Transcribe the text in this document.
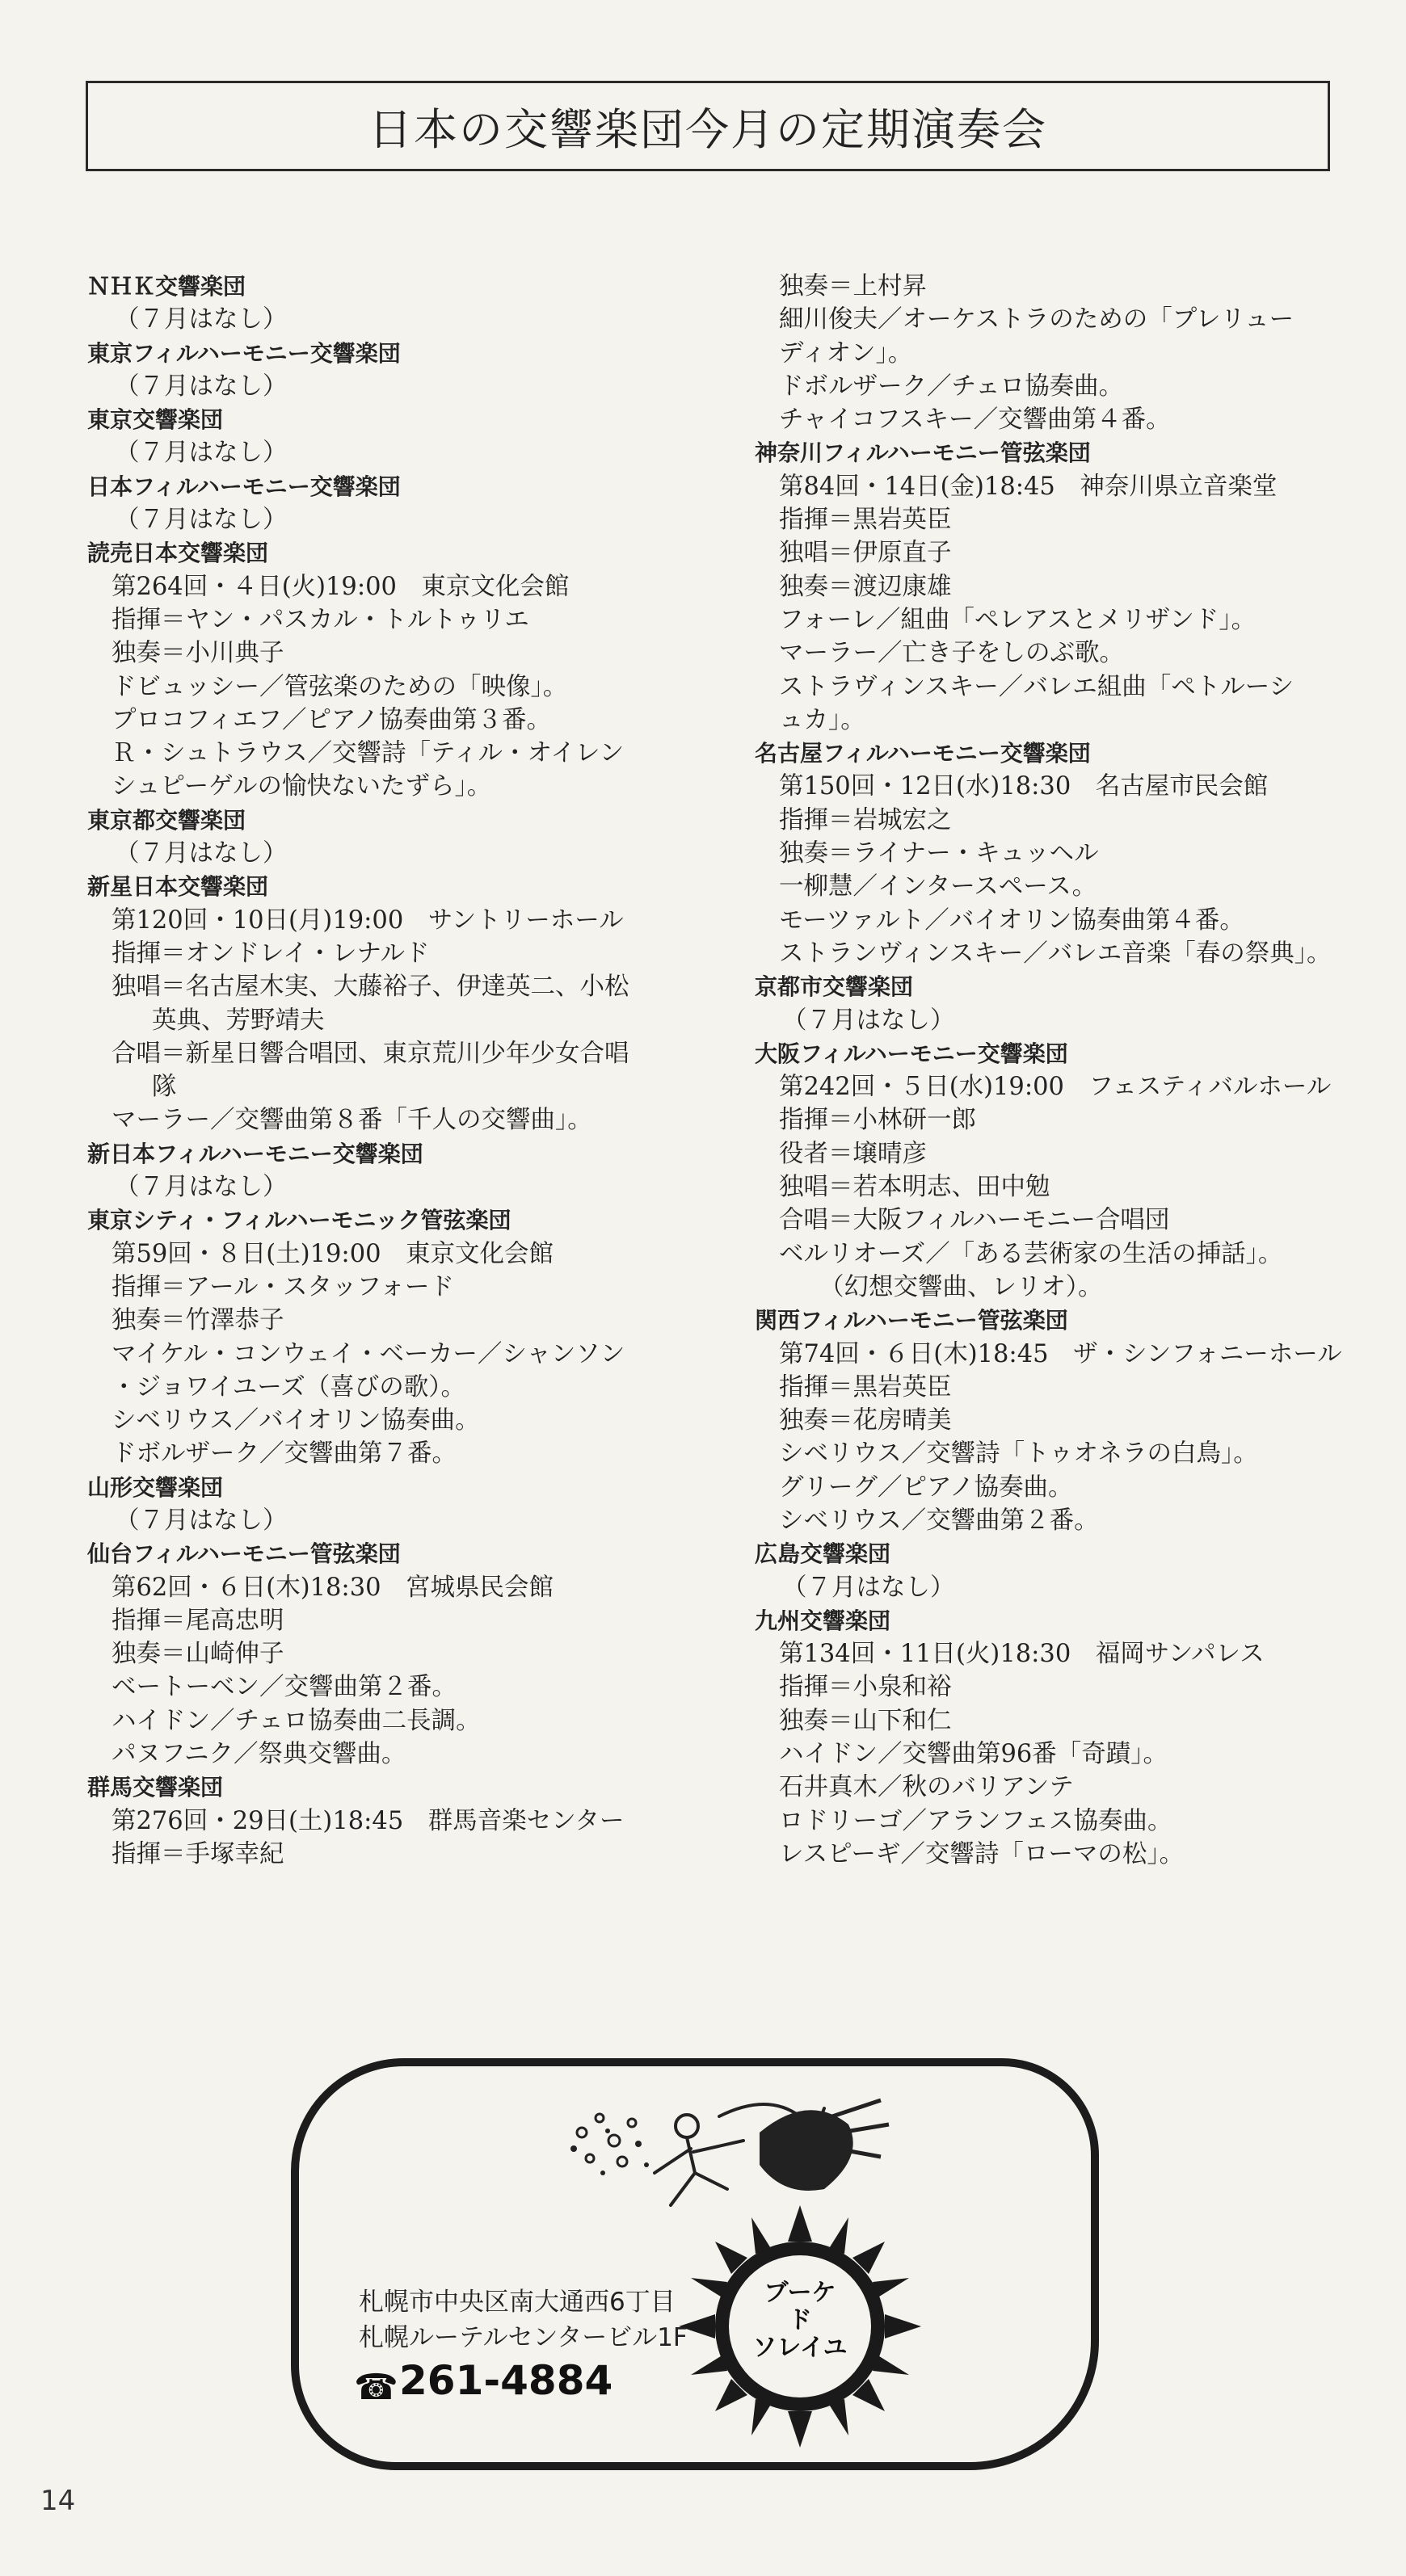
日本の交響楽団今月の定期演奏会
ＮＨＫ交響楽団
（７月はなし）
東京フィルハーモニー交響楽団
（７月はなし）
東京交響楽団
（７月はなし）
日本フィルハーモニー交響楽団
（７月はなし）
読売日本交響楽団
第264回・４日(火)19:00　東京文化会館
指揮＝ヤン・パスカル・トルトゥリエ
独奏＝小川典子
ドビュッシー／管弦楽のための「映像」。
プロコフィエフ／ピアノ協奏曲第３番。
Ｒ・シュトラウス／交響詩「ティル・オイレン
シュピーゲルの愉快ないたずら」。
東京都交響楽団
（７月はなし）
新星日本交響楽団
第120回・10日(月)19:00　サントリーホール
指揮＝オンドレイ・レナルド
独唱＝名古屋木実、大藤裕子、伊達英二、小松
英典、芳野靖夫
合唱＝新星日響合唱団、東京荒川少年少女合唱
隊
マーラー／交響曲第８番「千人の交響曲」。
新日本フィルハーモニー交響楽団
（７月はなし）
東京シティ・フィルハーモニック管弦楽団
第59回・８日(土)19:00　東京文化会館
指揮＝アール・スタッフォード
独奏＝竹澤恭子
マイケル・コンウェイ・ベーカー／シャンソン
・ジョワイユーズ（喜びの歌）。
シベリウス／バイオリン協奏曲。
ドボルザーク／交響曲第７番。
山形交響楽団
（７月はなし）
仙台フィルハーモニー管弦楽団
第62回・６日(木)18:30　宮城県民会館
指揮＝尾高忠明
独奏＝山崎伸子
ベートーベン／交響曲第２番。
ハイドン／チェロ協奏曲二長調。
パヌフニク／祭典交響曲。
群馬交響楽団
第276回・29日(土)18:45　群馬音楽センター
指揮＝手塚幸紀
独奏＝上村昇
細川俊夫／オーケストラのための「プレリュー
ディオン」。
ドボルザーク／チェロ協奏曲。
チャイコフスキー／交響曲第４番。
神奈川フィルハーモニー管弦楽団
第84回・14日(金)18:45　神奈川県立音楽堂
指揮＝黒岩英臣
独唱＝伊原直子
独奏＝渡辺康雄
フォーレ／組曲「ペレアスとメリザンド」。
マーラー／亡き子をしのぶ歌。
ストラヴィンスキー／バレエ組曲「ペトルーシ
ュカ」。
名古屋フィルハーモニー交響楽団
第150回・12日(水)18:30　名古屋市民会館
指揮＝岩城宏之
独奏＝ライナー・キュッヘル
一柳慧／インタースペース。
モーツァルト／バイオリン協奏曲第４番。
ストランヴィンスキー／バレエ音楽「春の祭典」。
京都市交響楽団
（７月はなし）
大阪フィルハーモニー交響楽団
第242回・５日(水)19:00　フェスティバルホール
指揮＝小林研一郎
役者＝壌晴彦
独唱＝若本明志、田中勉
合唱＝大阪フィルハーモニー合唱団
ベルリオーズ／「ある芸術家の生活の挿話」。
（幻想交響曲、レリオ）。
関西フィルハーモニー管弦楽団
第74回・６日(木)18:45　ザ・シンフォニーホール
指揮＝黒岩英臣
独奏＝花房晴美
シベリウス／交響詩「トゥオネラの白鳥」。
グリーグ／ピアノ協奏曲。
シベリウス／交響曲第２番。
広島交響楽団
（７月はなし）
九州交響楽団
第134回・11日(火)18:30　福岡サンパレス
指揮＝小泉和裕
独奏＝山下和仁
ハイドン／交響曲第96番「奇蹟」。
石井真木／秋のバリアンテ
ロドリーゴ／アランフェス協奏曲。
レスピーギ／交響詩「ローマの松」。
ブーケ
ド
ソレイユ
札幌市中央区南大通西6丁目
札幌ルーテルセンタービル1F
☎ 261-4884
14
